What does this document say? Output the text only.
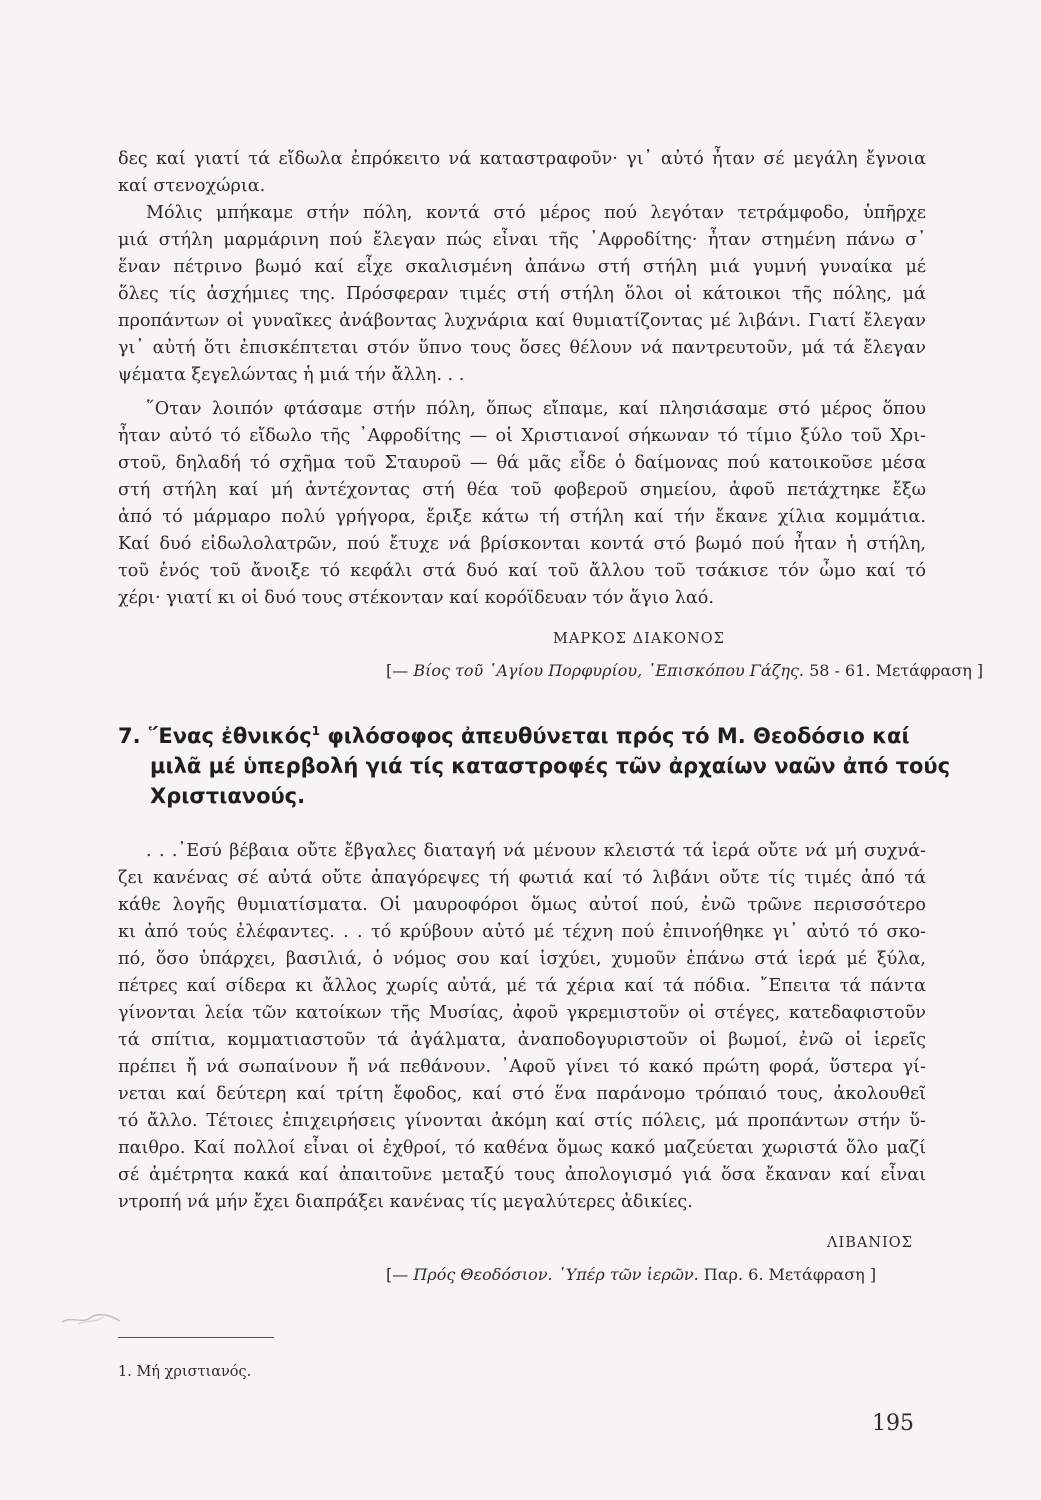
δες καί γιατί τά εἴδωλα ἐπρόκειτο νά καταστραφοῦν· γι᾽ αὐτό ἦταν σέ μεγάλη ἔγνοια
καί στενοχώρια.
Μόλις μπήκαμε στήν πόλη, κοντά στό μέρος πού λεγόταν τετράμφοδο, ὑπῆρχε
μιά στήλη μαρμάρινη πού ἔλεγαν πώς εἶναι τῆς ᾿Αφροδίτης· ἦταν στημένη πάνω σ᾽
ἕναν πέτρινο βωμό καί εἶχε σκαλισμένη ἀπάνω στή στήλη μιά γυμνή γυναίκα μέ
ὅλες τίς ἀσχήμιες της. Πρόσφεραν τιμές στή στήλη ὅλοι οἱ κάτοικοι τῆς πόλης, μά
προπάντων οἱ γυναῖκες ἀνάβοντας λυχνάρια καί θυμιατίζοντας μέ λιβάνι. Γιατί ἔλεγαν
γι᾽ αὐτή ὅτι ἐπισκέπτεται στόν ὕπνο τους ὅσες θέλουν νά παντρευτοῦν, μά τά ἔλεγαν
ψέματα ξεγελώντας ἡ μιά τήν ἄλλη. . .
῞Οταν λοιπόν φτάσαμε στήν πόλη, ὅπως εἴπαμε, καί πλησιάσαμε στό μέρος ὅπου
ἦταν αὐτό τό εἴδωλο τῆς ᾿Αφροδίτης — οἱ Χριστιανοί σήκωναν τό τίμιο ξύλο τοῦ Χρι-
στοῦ, δηλαδή τό σχῆμα τοῦ Σταυροῦ — θά μᾶς εἶδε ὁ δαίμονας πού κατοικοῦσε μέσα
στή στήλη καί μή ἀντέχοντας στή θέα τοῦ φοβεροῦ σημείου, ἀφοῦ πετάχτηκε ἔξω
ἀπό τό μάρμαρο πολύ γρήγορα, ἔριξε κάτω τή στήλη καί τήν ἔκανε χίλια κομμάτια.
Καί δυό εἰδωλολατρῶν, πού ἔτυχε νά βρίσκονται κοντά στό βωμό πού ἦταν ἡ στήλη,
τοῦ ἑνός τοῦ ἄνοιξε τό κεφάλι στά δυό καί τοῦ ἄλλου τοῦ τσάκισε τόν ὦμο καί τό
χέρι· γιατί κι οἱ δυό τους στέκονταν καί κορόϊδευαν τόν ἅγιο λαό.
ΜΑΡΚΟΣ ΔΙΑΚΟΝΟΣ
[— Βίος τοῦ ῾Αγίου Πορφυρίου, ᾿Επισκόπου Γάζης. 58 - 61. Μετάφραση ]
7. ῞Ενας ἐθνικός$^1$ φιλόσοφος ἀπευθύνεται πρός τό Μ. Θεοδόσιο καί
μιλᾶ μέ ὑπερβολή γιά τίς καταστροφές τῶν ἀρχαίων ναῶν ἀπό τούς
Χριστιανούς.
. . .᾿Εσύ βέβαια οὔτε ἔβγαλες διαταγή νά μένουν κλειστά τά ἱερά οὔτε νά μή συχνά-
ζει κανένας σέ αὐτά οὔτε ἀπαγόρεψες τή φωτιά καί τό λιβάνι οὔτε τίς τιμές ἀπό τά
κάθε λογῆς θυμιατίσματα. Οἱ μαυροφόροι ὅμως αὐτοί πού, ἐνῶ τρῶνε περισσότερο
κι ἀπό τούς ἐλέφαντες. . . τό κρύβουν αὐτό μέ τέχνη πού ἐπινοήθηκε γι᾽ αὐτό τό σκο-
πό, ὅσο ὑπάρχει, βασιλιά, ὁ νόμος σου καί ἰσχύει, χυμοῦν ἐπάνω στά ἱερά μέ ξύλα,
πέτρες καί σίδερα κι ἄλλος χωρίς αὐτά, μέ τά χέρια καί τά πόδια. ῎Επειτα τά πάντα
γίνονται λεία τῶν κατοίκων τῆς Μυσίας, ἀφοῦ γκρεμιστοῦν οἱ στέγες, κατεδαφιστοῦν
τά σπίτια, κομματιαστοῦν τά ἀγάλματα, ἀναποδογυριστοῦν οἱ βωμοί, ἐνῶ οἱ ἱερεῖς
πρέπει ἤ νά σωπαίνουν ἤ νά πεθάνουν. ᾿Αφοῦ γίνει τό κακό πρώτη φορά, ὕστερα γί-
νεται καί δεύτερη καί τρίτη ἔφοδος, καί στό ἕνα παράνομο τρόπαιό τους, ἀκολουθεῖ
τό ἄλλο. Τέτοιες ἐπιχειρήσεις γίνονται ἀκόμη καί στίς πόλεις, μά προπάντων στήν ὕ-
παιθρο. Καί πολλοί εἶναι οἱ ἐχθροί, τό καθένα ὅμως κακό μαζεύεται χωριστά ὅλο μαζί
σέ ἀμέτρητα κακά καί ἀπαιτοῦνε μεταξύ τους ἀπολογισμό γιά ὅσα ἔκαναν καί εἶναι
ντροπή νά μήν ἔχει διαπράξει κανένας τίς μεγαλύτερες ἀδικίες.
ΛΙΒΑΝΙΟΣ
[— Πρός Θεοδόσιον. ῾Υπέρ τῶν ἱερῶν. Παρ. 6. Μετάφραση ]
1. Μή χριστιανός.
195
